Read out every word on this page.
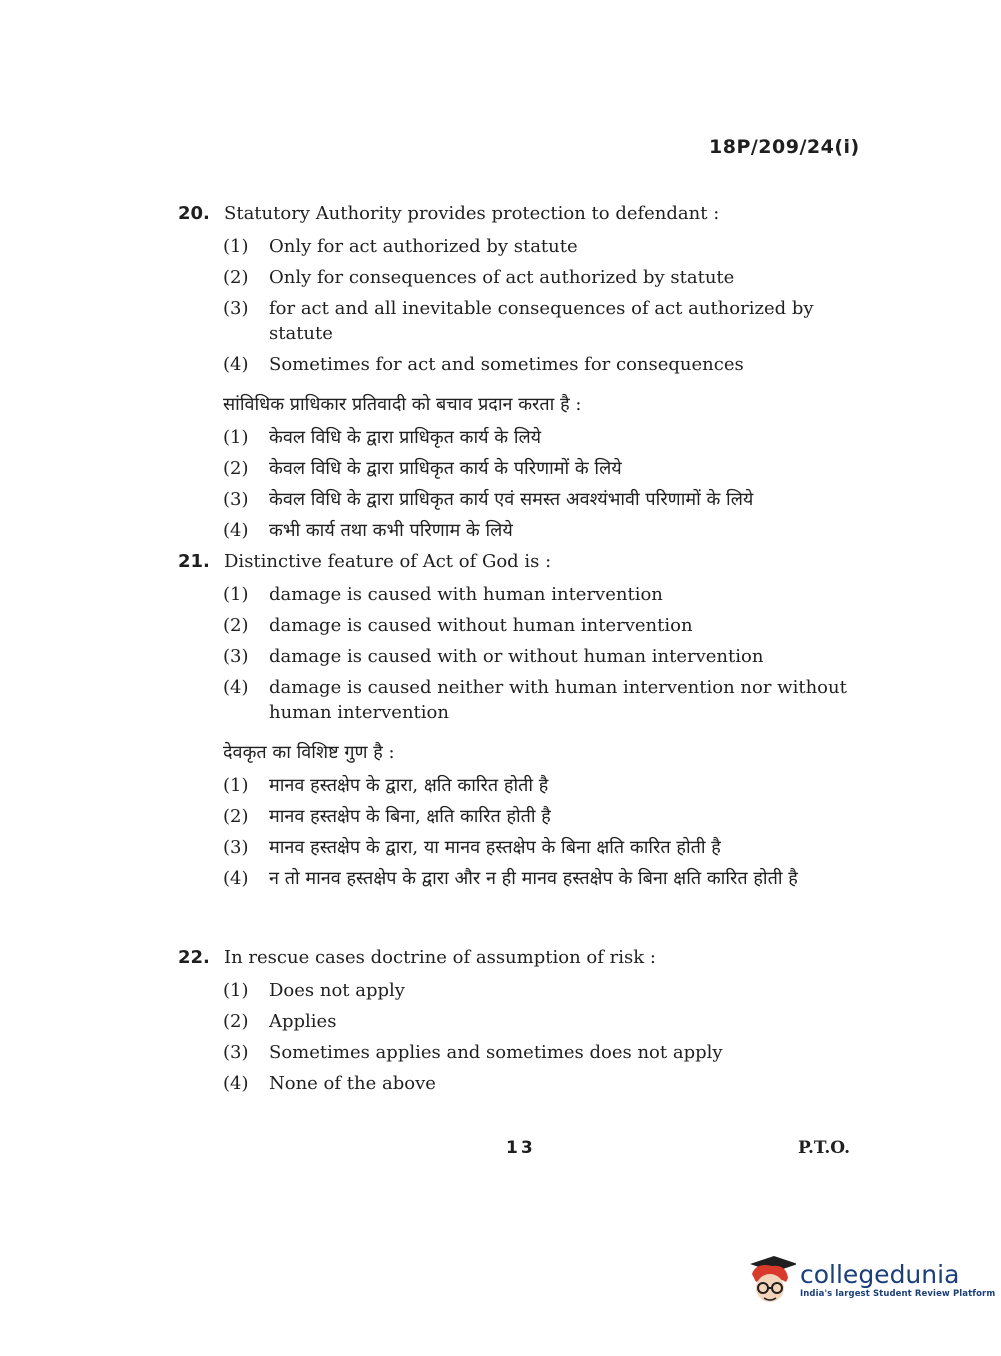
18P/209/24(i)
20. Statutory Authority provides protection to defendant :
(1)	Only for act authorized by statute
(2)	Only for consequences of act authorized by statute
(3)	for act and all inevitable consequences of act authorized by statute
(4)	Sometimes for act and sometimes for consequences
सांविधिक प्राधिकार प्रतिवादी को बचाव प्रदान करता है :
(1)	केवल विधि के द्वारा प्राधिकृत कार्य के लिये
(2)	केवल विधि के द्वारा प्राधिकृत कार्य के परिणामों के लिये
(3)	केवल विधि के द्वारा प्राधिकृत कार्य एवं समस्त अवश्यंभावी परिणामों के लिये
(4)	कभी कार्य तथा कभी परिणाम के लिये
21. Distinctive feature of Act of God is :
(1)	damage is caused with human intervention
(2)	damage is caused without human intervention
(3)	damage is caused with or without human intervention
(4)	damage is caused neither with human intervention nor without human intervention
देवकृत का विशिष्ट गुण है :
(1)	मानव हस्तक्षेप के द्वारा, क्षति कारित होती है
(2)	मानव हस्तक्षेप के बिना, क्षति कारित होती है
(3)	मानव हस्तक्षेप के द्वारा, या मानव हस्तक्षेप के बिना क्षति कारित होती है
(4)	न तो मानव हस्तक्षेप के द्वारा और न ही मानव हस्तक्षेप के बिना क्षति कारित होती है
22. In rescue cases doctrine of assumption of risk :
(1)	Does not apply
(2)	Applies
(3)	Sometimes applies and sometimes does not apply
(4)	None of the above
13	P.T.O.
collegedunia
India's largest Student Review Platform
